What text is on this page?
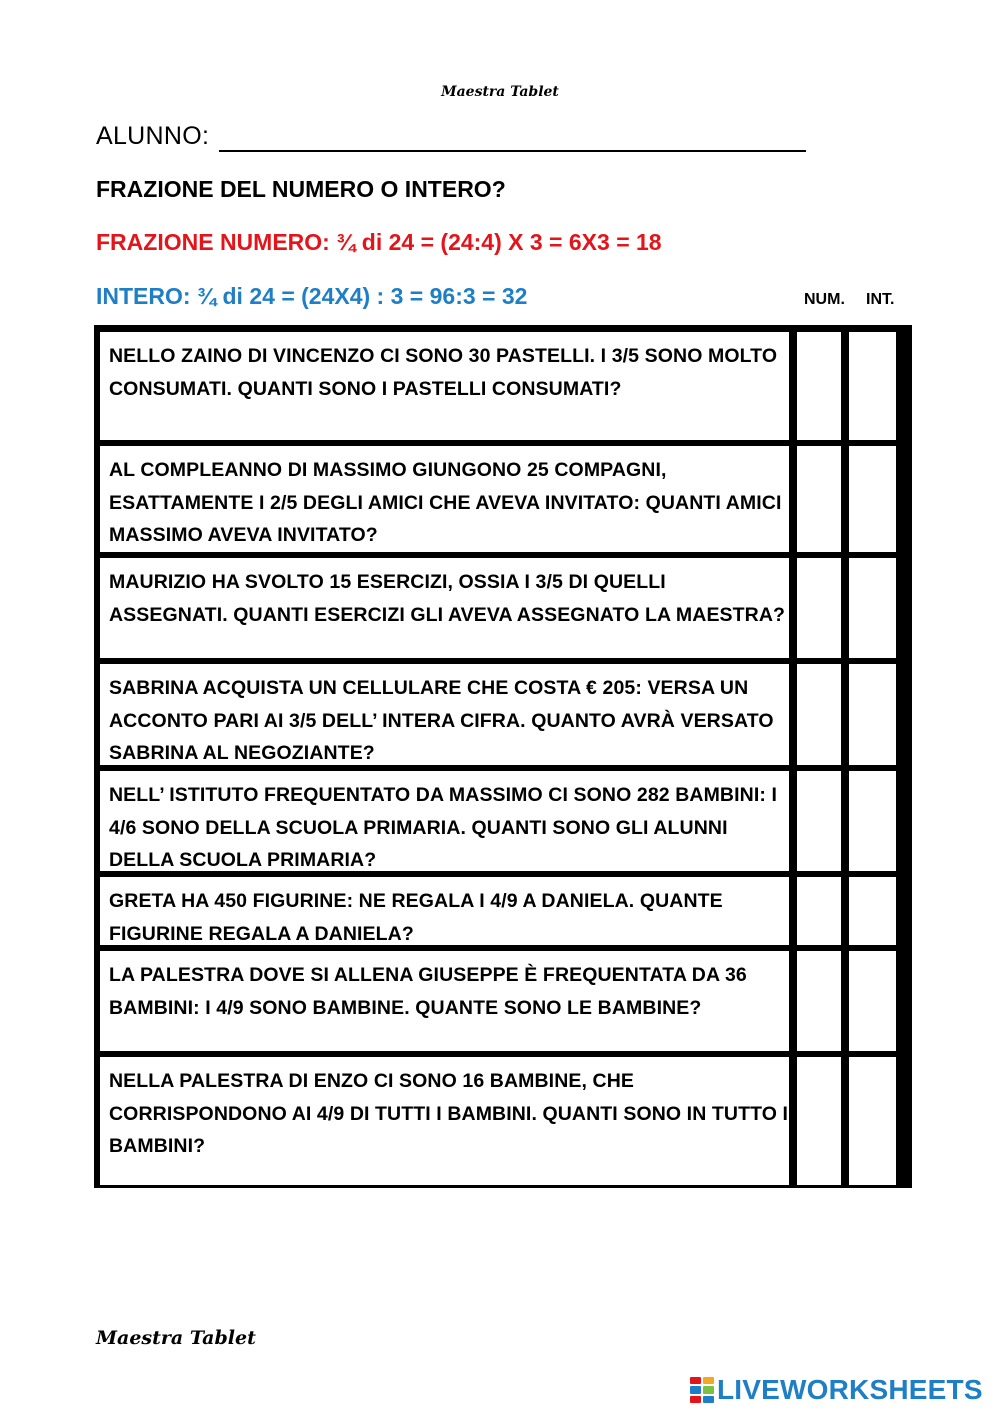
Maestra Tablet
ALUNNO:
FRAZIONE DEL NUMERO O INTERO?
FRAZIONE NUMERO: ¾ di 24 = (24:4) X 3 = 6X3 = 18
INTERO: ¾ di 24 = (24X4) : 3 = 96:3 = 32	NUM. INT.
NELLO ZAINO DI VINCENZO CI SONO 30 PASTELLI. I 3/5 SONO MOLTO CONSUMATI. QUANTI SONO I PASTELLI CONSUMATI?
AL COMPLEANNO DI MASSIMO GIUNGONO 25 COMPAGNI, ESATTAMENTE I 2/5 DEGLI AMICI CHE AVEVA INVITATO: QUANTI AMICI MASSIMO AVEVA INVITATO?
MAURIZIO HA SVOLTO 15 ESERCIZI, OSSIA I 3/5 DI QUELLI ASSEGNATI. QUANTI ESERCIZI GLI AVEVA ASSEGNATO LA MAESTRA?
SABRINA ACQUISTA UN CELLULARE CHE COSTA € 205: VERSA UN ACCONTO PARI AI 3/5 DELL’ INTERA CIFRA. QUANTO AVRÀ VERSATO SABRINA AL NEGOZIANTE?
NELL’ ISTITUTO FREQUENTATO DA MASSIMO CI SONO 282 BAMBINI: I 4/6 SONO DELLA SCUOLA PRIMARIA. QUANTI SONO GLI ALUNNI DELLA SCUOLA PRIMARIA?
GRETA HA 450 FIGURINE: NE REGALA I 4/9 A DANIELA. QUANTE FIGURINE REGALA A DANIELA?
LA PALESTRA DOVE SI ALLENA GIUSEPPE È FREQUENTATA DA 36 BAMBINI: I 4/9 SONO BAMBINE. QUANTE SONO LE BAMBINE?
NELLA PALESTRA DI ENZO CI SONO 16 BAMBINE, CHE CORRISPONDONO AI 4/9 DI TUTTI I BAMBINI. QUANTI SONO IN TUTTO I BAMBINI?
Maestra Tablet
LIVEWORKSHEETS
